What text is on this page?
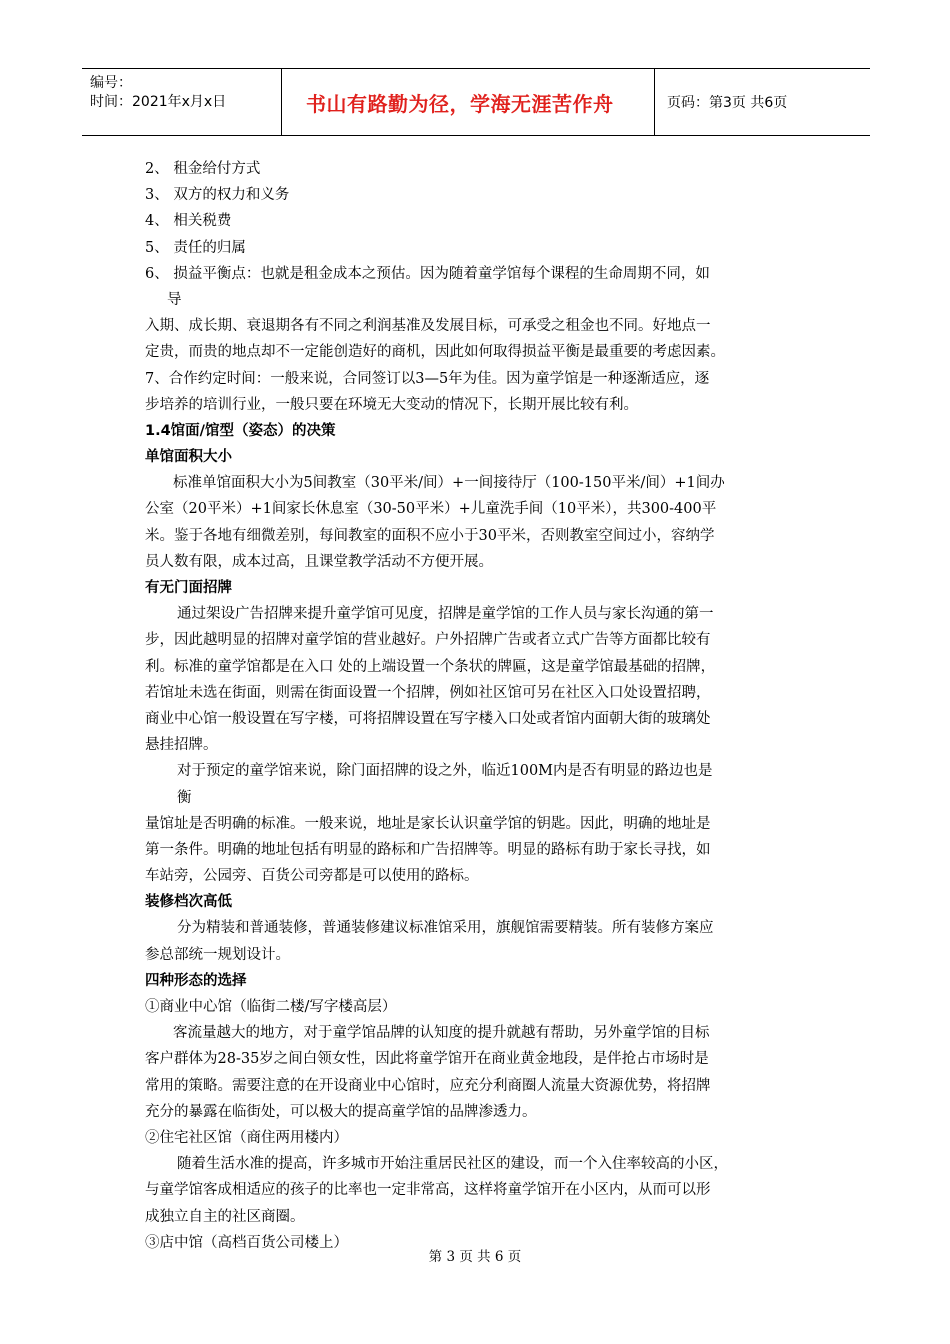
编号：
时间：2021年x月x日	书山有路勤为径，学海无涯苦作舟	页码：第3页 共6页
2、 租金给付方式
3、 双方的权力和义务
4、 相关税费
5、 责任的归属
6、 损益平衡点：也就是租金成本之预估。因为随着童学馆每个课程的生命周期不同，如
导
入期、成长期、衰退期各有不同之利润基准及发展目标，可承受之租金也不同。好地点一
定贵，而贵的地点却不一定能创造好的商机，因此如何取得损益平衡是最重要的考虑因素。
7、合作约定时间：一般来说，合同签订以3—5年为佳。因为童学馆是一种逐渐适应，逐
步培养的培训行业，一般只要在环境无大变动的情况下，长期开展比较有利。
1.4馆面/馆型（姿态）的决策
单馆面积大小
标准单馆面积大小为5间教室（30平米/间）+一间接待厅（100-150平米/间）+1间办
公室（20平米）+1间家长休息室（30-50平米）+儿童洗手间（10平米），共300-400平
米。鉴于各地有细微差别，每间教室的面积不应小于30平米，否则教室空间过小，容纳学
员人数有限，成本过高，且课堂教学活动不方便开展。
有无门面招牌
通过架设广告招牌来提升童学馆可见度，招牌是童学馆的工作人员与家长沟通的第一
步，因此越明显的招牌对童学馆的营业越好。户外招牌广告或者立式广告等方面都比较有
利。标准的童学馆都是在入口 处的上端设置一个条状的牌匾，这是童学馆最基础的招牌，
若馆址未选在街面，则需在街面设置一个招牌，例如社区馆可另在社区入口处设置招聘，
商业中心馆一般设置在写字楼，可将招牌设置在写字楼入口处或者馆内面朝大街的玻璃处
悬挂招牌。
对于预定的童学馆来说，除门面招牌的设之外，临近100M内是否有明显的路边也是
衡
量馆址是否明确的标准。一般来说，地址是家长认识童学馆的钥匙。因此，明确的地址是
第一条件。明确的地址包括有明显的路标和广告招牌等。明显的路标有助于家长寻找，如
车站旁，公园旁、百货公司旁都是可以使用的路标。
装修档次高低
分为精装和普通装修，普通装修建议标准馆采用，旗舰馆需要精装。所有装修方案应
参总部统一规划设计。
四种形态的选择
①商业中心馆（临街二楼/写字楼高层）
客流量越大的地方，对于童学馆品牌的认知度的提升就越有帮助，另外童学馆的目标
客户群体为28-35岁之间白领女性，因此将童学馆开在商业黄金地段，是伴抢占市场时是
常用的策略。需要注意的在开设商业中心馆时，应充分利商圈人流量大资源优势，将招牌
充分的暴露在临街处，可以极大的提高童学馆的品牌渗透力。
②住宅社区馆（商住两用楼内）
随着生活水准的提高，许多城市开始注重居民社区的建设，而一个入住率较高的小区，
与童学馆客成相适应的孩子的比率也一定非常高，这样将童学馆开在小区内，从而可以形
成独立自主的社区商圈。
③店中馆（高档百货公司楼上）
第 3 页 共 6 页
